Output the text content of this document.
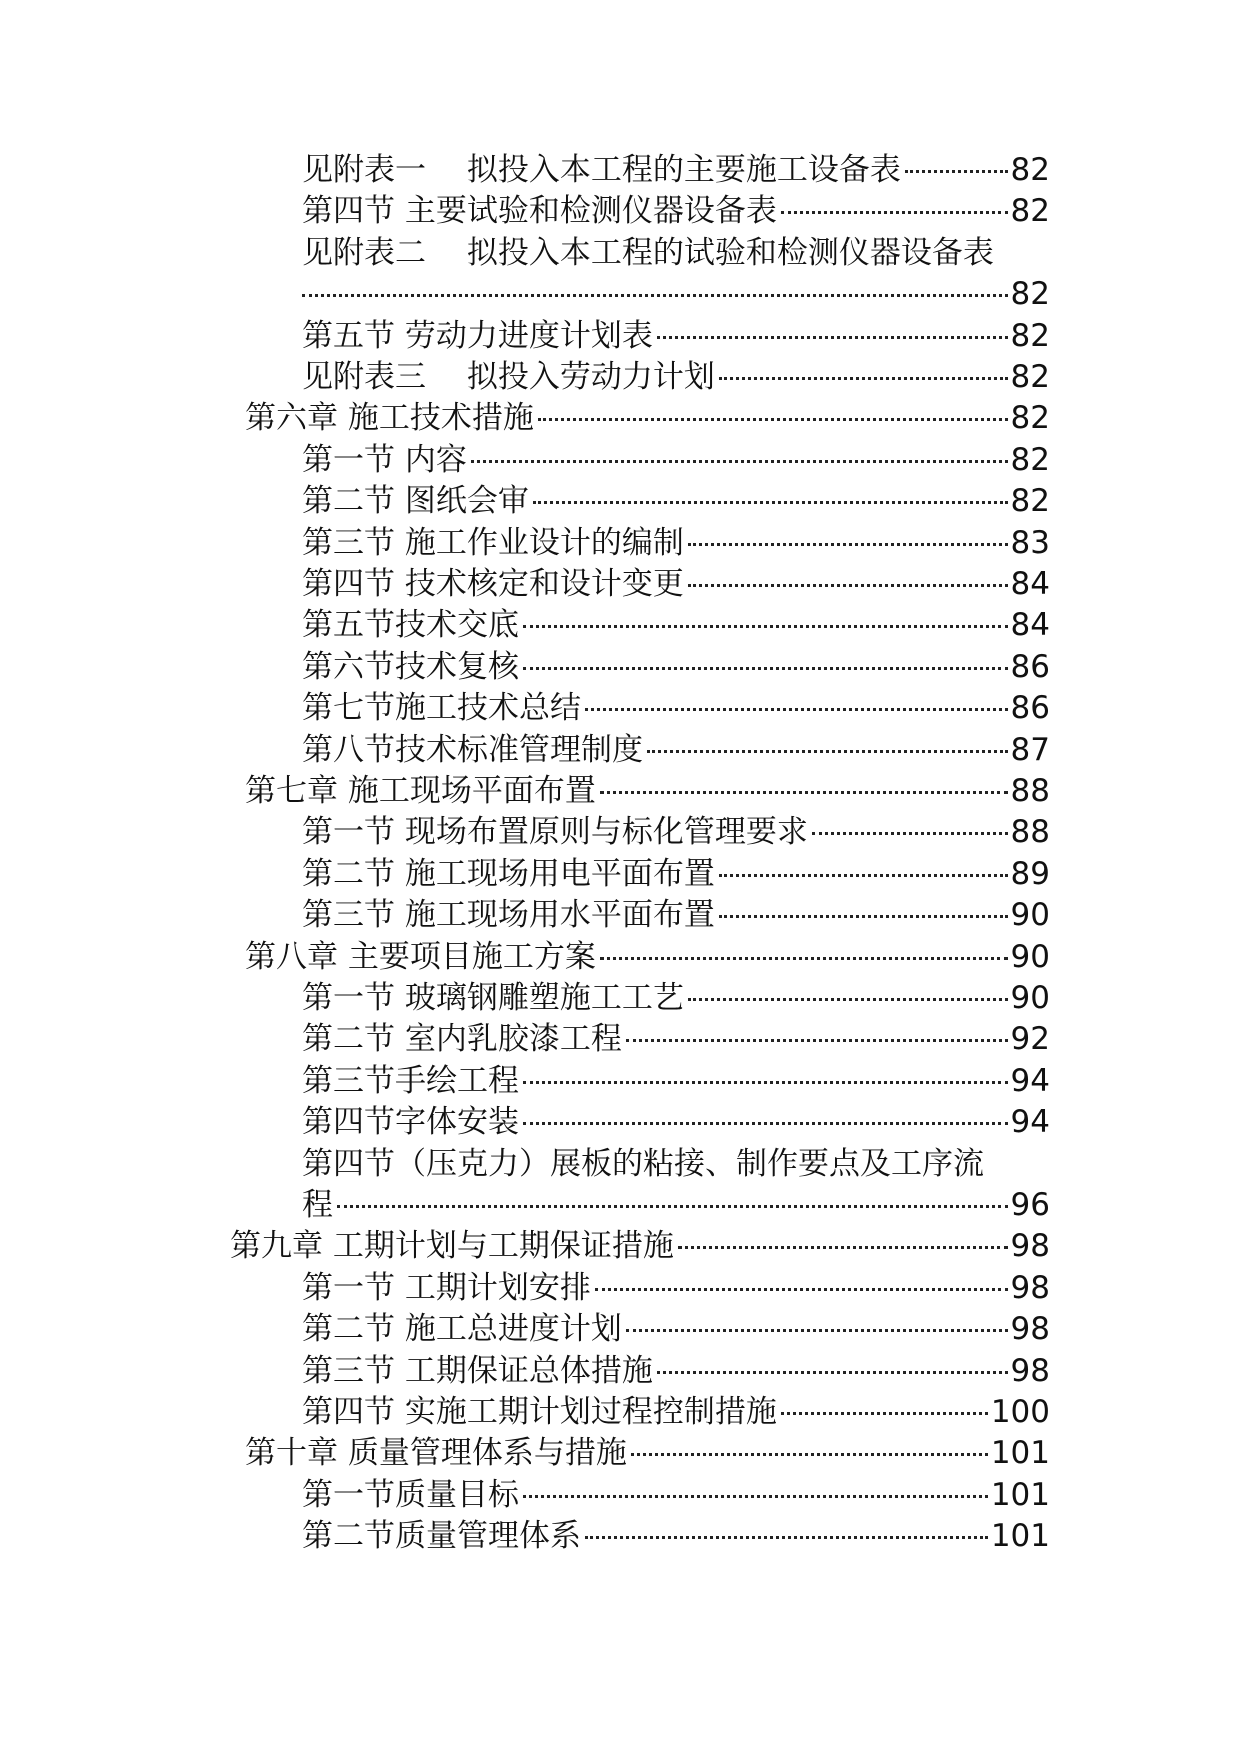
见附表一　 拟投入本工程的主要施工设备表	82
第四节 主要试验和检测仪器设备表	82
见附表二　 拟投入本工程的试验和检测仪器设备表
82
第五节 劳动力进度计划表	82
见附表三　 拟投入劳动力计划	82
第六章 施工技术措施	82
第一节 内容	82
第二节 图纸会审	82
第三节 施工作业设计的编制	83
第四节 技术核定和设计变更	84
第五节技术交底	84
第六节技术复核	86
第七节施工技术总结	86
第八节技术标准管理制度	87
第七章 施工现场平面布置	88
第一节 现场布置原则与标化管理要求	88
第二节 施工现场用电平面布置	89
第三节 施工现场用水平面布置	90
第八章 主要项目施工方案	90
第一节 玻璃钢雕塑施工工艺	90
第二节 室内乳胶漆工程	92
第三节手绘工程	94
第四节字体安装	94
第四节（压克力）展板的粘接、制作要点及工序流
程	96
第九章 工期计划与工期保证措施	98
第一节 工期计划安排	98
第二节 施工总进度计划	98
第三节 工期保证总体措施	98
第四节 实施工期计划过程控制措施	100
第十章 质量管理体系与措施	101
第一节质量目标	101
第二节质量管理体系	101
